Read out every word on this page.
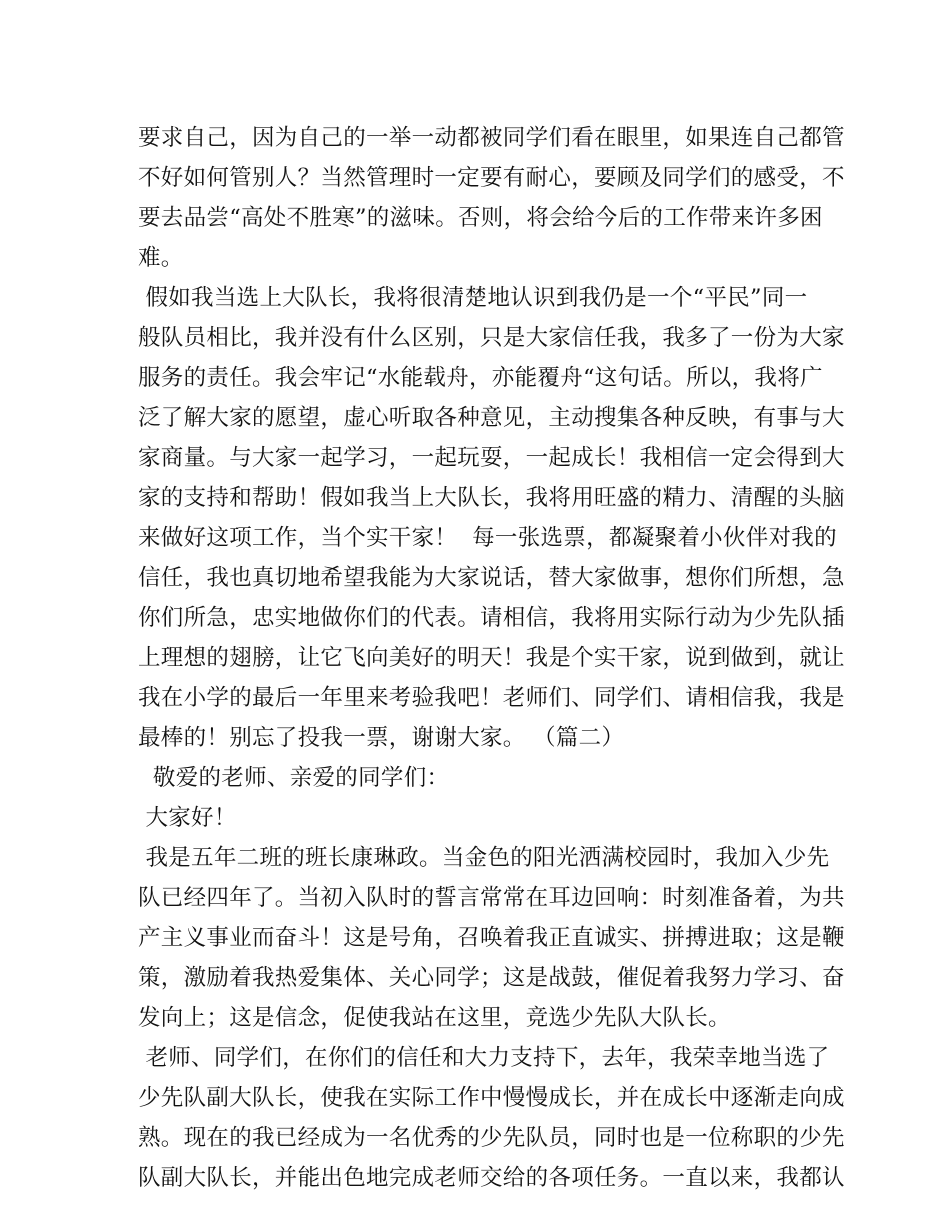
要求自己，因为自己的一举一动都被同学们看在眼里，如果连自己都管
不好如何管别人？当然管理时一定要有耐心，要顾及同学们的感受，不
要去品尝“高处不胜寒”的滋味。否则，将会给今后的工作带来许多困
难。
假如我当选上大队长，我将很清楚地认识到我仍是一个“平民”同一
般队员相比，我并没有什么区别，只是大家信任我，我多了一份为大家
服务的责任。我会牢记“水能载舟，亦能覆舟“这句话。所以，我将广
泛了解大家的愿望，虚心听取各种意见，主动搜集各种反映，有事与大
家商量。与大家一起学习，一起玩耍，一起成长！我相信一定会得到大
家的支持和帮助！假如我当上大队长，我将用旺盛的精力、清醒的头脑
来做好这项工作，当个实干家！  每一张选票，都凝聚着小伙伴对我的
信任，我也真切地希望我能为大家说话，替大家做事，想你们所想，急
你们所急，忠实地做你们的代表。请相信，我将用实际行动为少先队插
上理想的翅膀，让它飞向美好的明天！我是个实干家，说到做到，就让
我在小学的最后一年里来考验我吧！老师们、同学们、请相信我，我是
最棒的！别忘了投我一票，谢谢大家。 （篇二）
敬爱的老师、亲爱的同学们：
大家好！
我是五年二班的班长康琳政。当金色的阳光洒满校园时，我加入少先
队已经四年了。当初入队时的誓言常常在耳边回响：时刻准备着，为共
产主义事业而奋斗！这是号角，召唤着我正直诚实、拼搏进取；这是鞭
策，激励着我热爱集体、关心同学；这是战鼓，催促着我努力学习、奋
发向上；这是信念，促使我站在这里，竞选少先队大队长。
老师、同学们，在你们的信任和大力支持下，去年，我荣幸地当选了
少先队副大队长，使我在实际工作中慢慢成长，并在成长中逐渐走向成
熟。现在的我已经成为一名优秀的少先队员，同时也是一位称职的少先
队副大队长，并能出色地完成老师交给的各项任务。一直以来，我都认
